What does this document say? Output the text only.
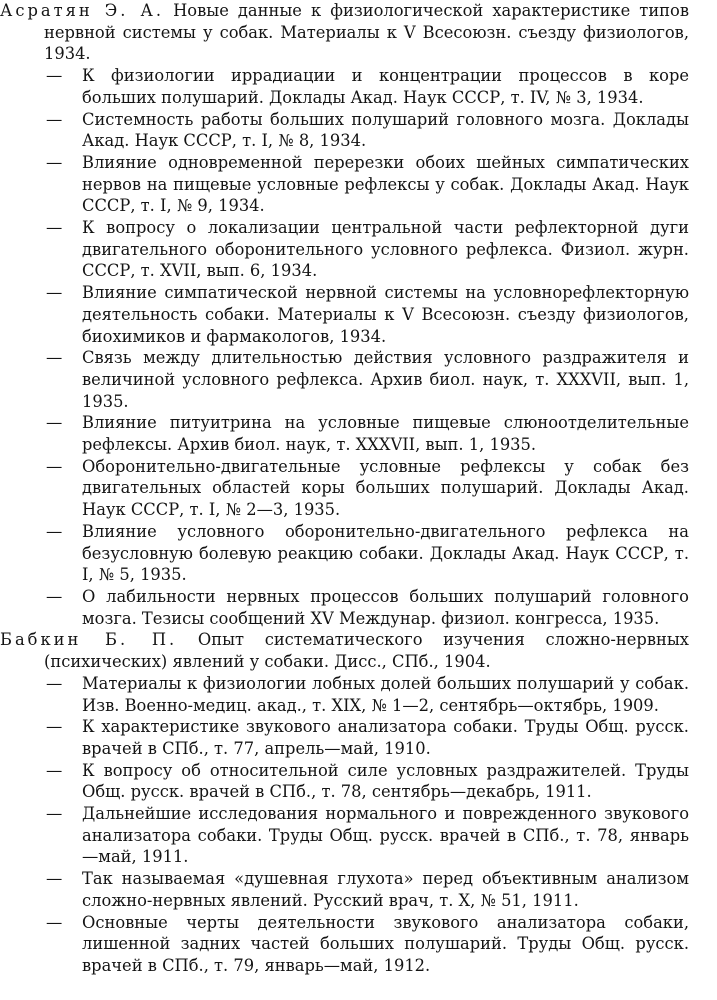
Асратян Э. А. Новые данные к физиологической характеристике типов нервной системы у собак. Материалы к V Всесоюзн. съезду физиологов, 1934.

— К физиологии иррадиации и концентрации процессов в коре больших полушарий. Доклады Акад. Наук СССР, т. IV, № 3, 1934.

— Системность работы больших полушарий головного мозга. Доклады Акад. Наук СССР, т. I, № 8, 1934.

— Влияние одновременной перерезки обоих шейных симпатических нервов на пищевые условные рефлексы у собак. Доклады Акад. Наук СССР, т. I, № 9, 1934.

— К вопросу о локализации центральной части рефлекторной дуги двигательного оборонительного условного рефлекса. Физиол. журн. СССР, т. XVII, вып. 6, 1934.

— Влияние симпатической нервной системы на условнорефлекторную деятельность собаки. Материалы к V Всесоюзн. съезду физиологов, биохимиков и фармакологов, 1934.

— Связь между длительностью действия условного раздражителя и величиной условного рефлекса. Архив биол. наук, т. XXXVII, вып. 1, 1935.

— Влияние питуитрина на условные пищевые слюноотделительные рефлексы. Архив биол. наук, т. XXXVII, вып. 1, 1935.

— Оборонительно-двигательные условные рефлексы у собак без двигательных областей коры больших полушарий. Доклады Акад. Наук СССР, т. I, № 2—3, 1935.

— Влияние условного оборонительно-двигательного рефлекса на безусловную болевую реакцию собаки. Доклады Акад. Наук СССР, т. I, № 5, 1935.

— О лабильности нервных процессов больших полушарий головного мозга. Тезисы сообщений XV Междунар. физиол. конгресса, 1935.

Бабкин Б. П. Опыт систематического изучения сложно-нервных (психических) явлений у собаки. Дисс., СПб., 1904.

— Материалы к физиологии лобных долей больших полушарий у собак. Изв. Военно-медиц. акад., т. XIX, № 1—2, сентябрь—октябрь, 1909.

— К характеристике звукового анализатора собаки. Труды Общ. русск. врачей в СПб., т. 77, апрель—май, 1910.

— К вопросу об относительной силе условных раздражителей. Труды Общ. русск. врачей в СПб., т. 78, сентябрь—декабрь, 1911.

— Дальнейшие исследования нормального и поврежденного звукового анализатора собаки. Труды Общ. русск. врачей в СПб., т. 78, январь—май, 1911.

— Так называемая «душевная глухота» перед объективным анализом сложно-нервных явлений. Русский врач, т. X, № 51, 1911.

— Основные черты деятельности звукового анализатора собаки, лишенной задних частей больших полушарий. Труды Общ. русск. врачей в СПб., т. 79, январь—май, 1912.
